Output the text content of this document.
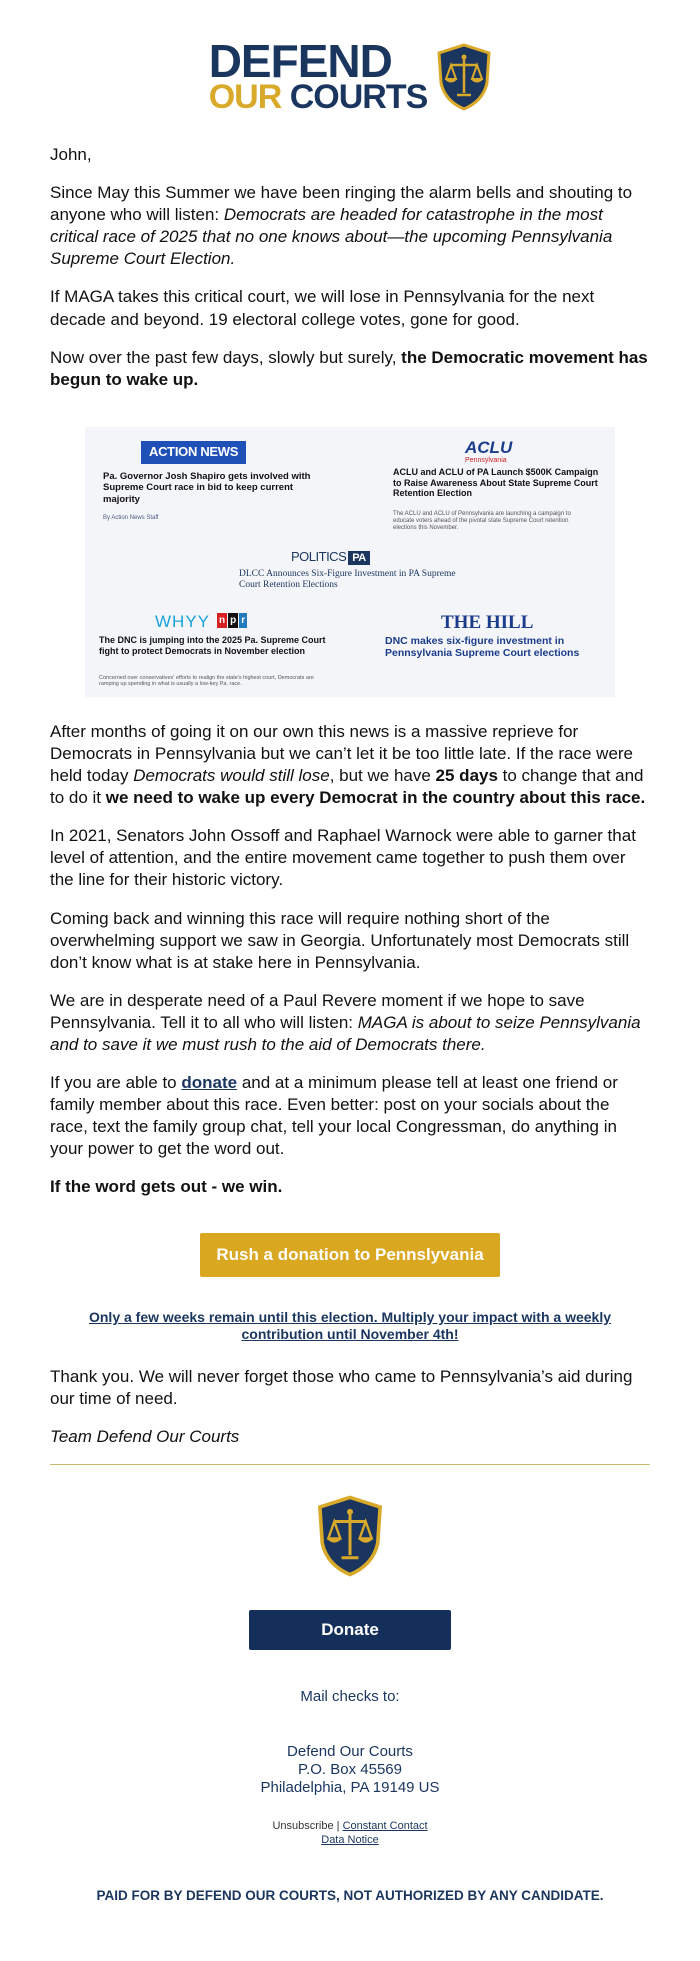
DEFEND
OUR COURTS

John,

Since May this Summer we have been ringing the alarm bells and shouting to anyone who will listen: Democrats are headed for catastrophe in the most critical race of 2025 that no one knows about—the upcoming Pennsylvania Supreme Court Election.

If MAGA takes this critical court, we will lose in Pennsylvania for the next decade and beyond. 19 electoral college votes, gone for good.

Now over the past few days, slowly but surely, the Democratic movement has begun to wake up.

ACTION NEWS
Pa. Governor Josh Shapiro gets involved with Supreme Court race in bid to keep current majority
By Action News Staff
ACLU
Pennsylvania
ACLU and ACLU of PA Launch $500K Campaign to Raise Awareness About State Supreme Court Retention Election
The ACLU and ACLU of Pennsylvania are launching a campaign to educate voters ahead of the pivotal state Supreme Court retention elections this November.
POLITICS PA
DLCC Announces Six-Figure Investment in PA Supreme Court Retention Elections
WHYY n p r
The DNC is jumping into the 2025 Pa. Supreme Court fight to protect Democrats in November election
Concerned over conservatives' efforts to realign the state's highest court, Democrats are ramping up spending in what is usually a low-key Pa. race.
THE HILL
DNC makes six-figure investment in Pennsylvania Supreme Court elections

After months of going it on our own this news is a massive reprieve for Democrats in Pennsylvania but we can’t let it be too little late. If the race were held today Democrats would still lose, but we have 25 days to change that and to do it we need to wake up every Democrat in the country about this race.

In 2021, Senators John Ossoff and Raphael Warnock were able to garner that level of attention, and the entire movement came together to push them over the line for their historic victory.

Coming back and winning this race will require nothing short of the overwhelming support we saw in Georgia. Unfortunately most Democrats still don’t know what is at stake here in Pennsylvania.

We are in desperate need of a Paul Revere moment if we hope to save Pennsylvania. Tell it to all who will listen: MAGA is about to seize Pennsylvania and to save it we must rush to the aid of Democrats there.

If you are able to donate and at a minimum please tell at least one friend or family member about this race. Even better: post on your socials about the race, text the family group chat, tell your local Congressman, do anything in your power to get the word out.

If the word gets out - we win.

Rush a donation to Pennslyvania
Only a few weeks remain until this election. Multiply your impact with a weekly contribution until November 4th!

Thank you. We will never forget those who came to Pennsylvania’s aid during our time of need.

Team Defend Our Courts

Donate
Mail checks to:
Defend Our Courts
P.O. Box 45569
Philadelphia, PA 19149 US
Unsubscribe | Constant Contact
Data Notice
PAID FOR BY DEFEND OUR COURTS, NOT AUTHORIZED BY ANY CANDIDATE.
